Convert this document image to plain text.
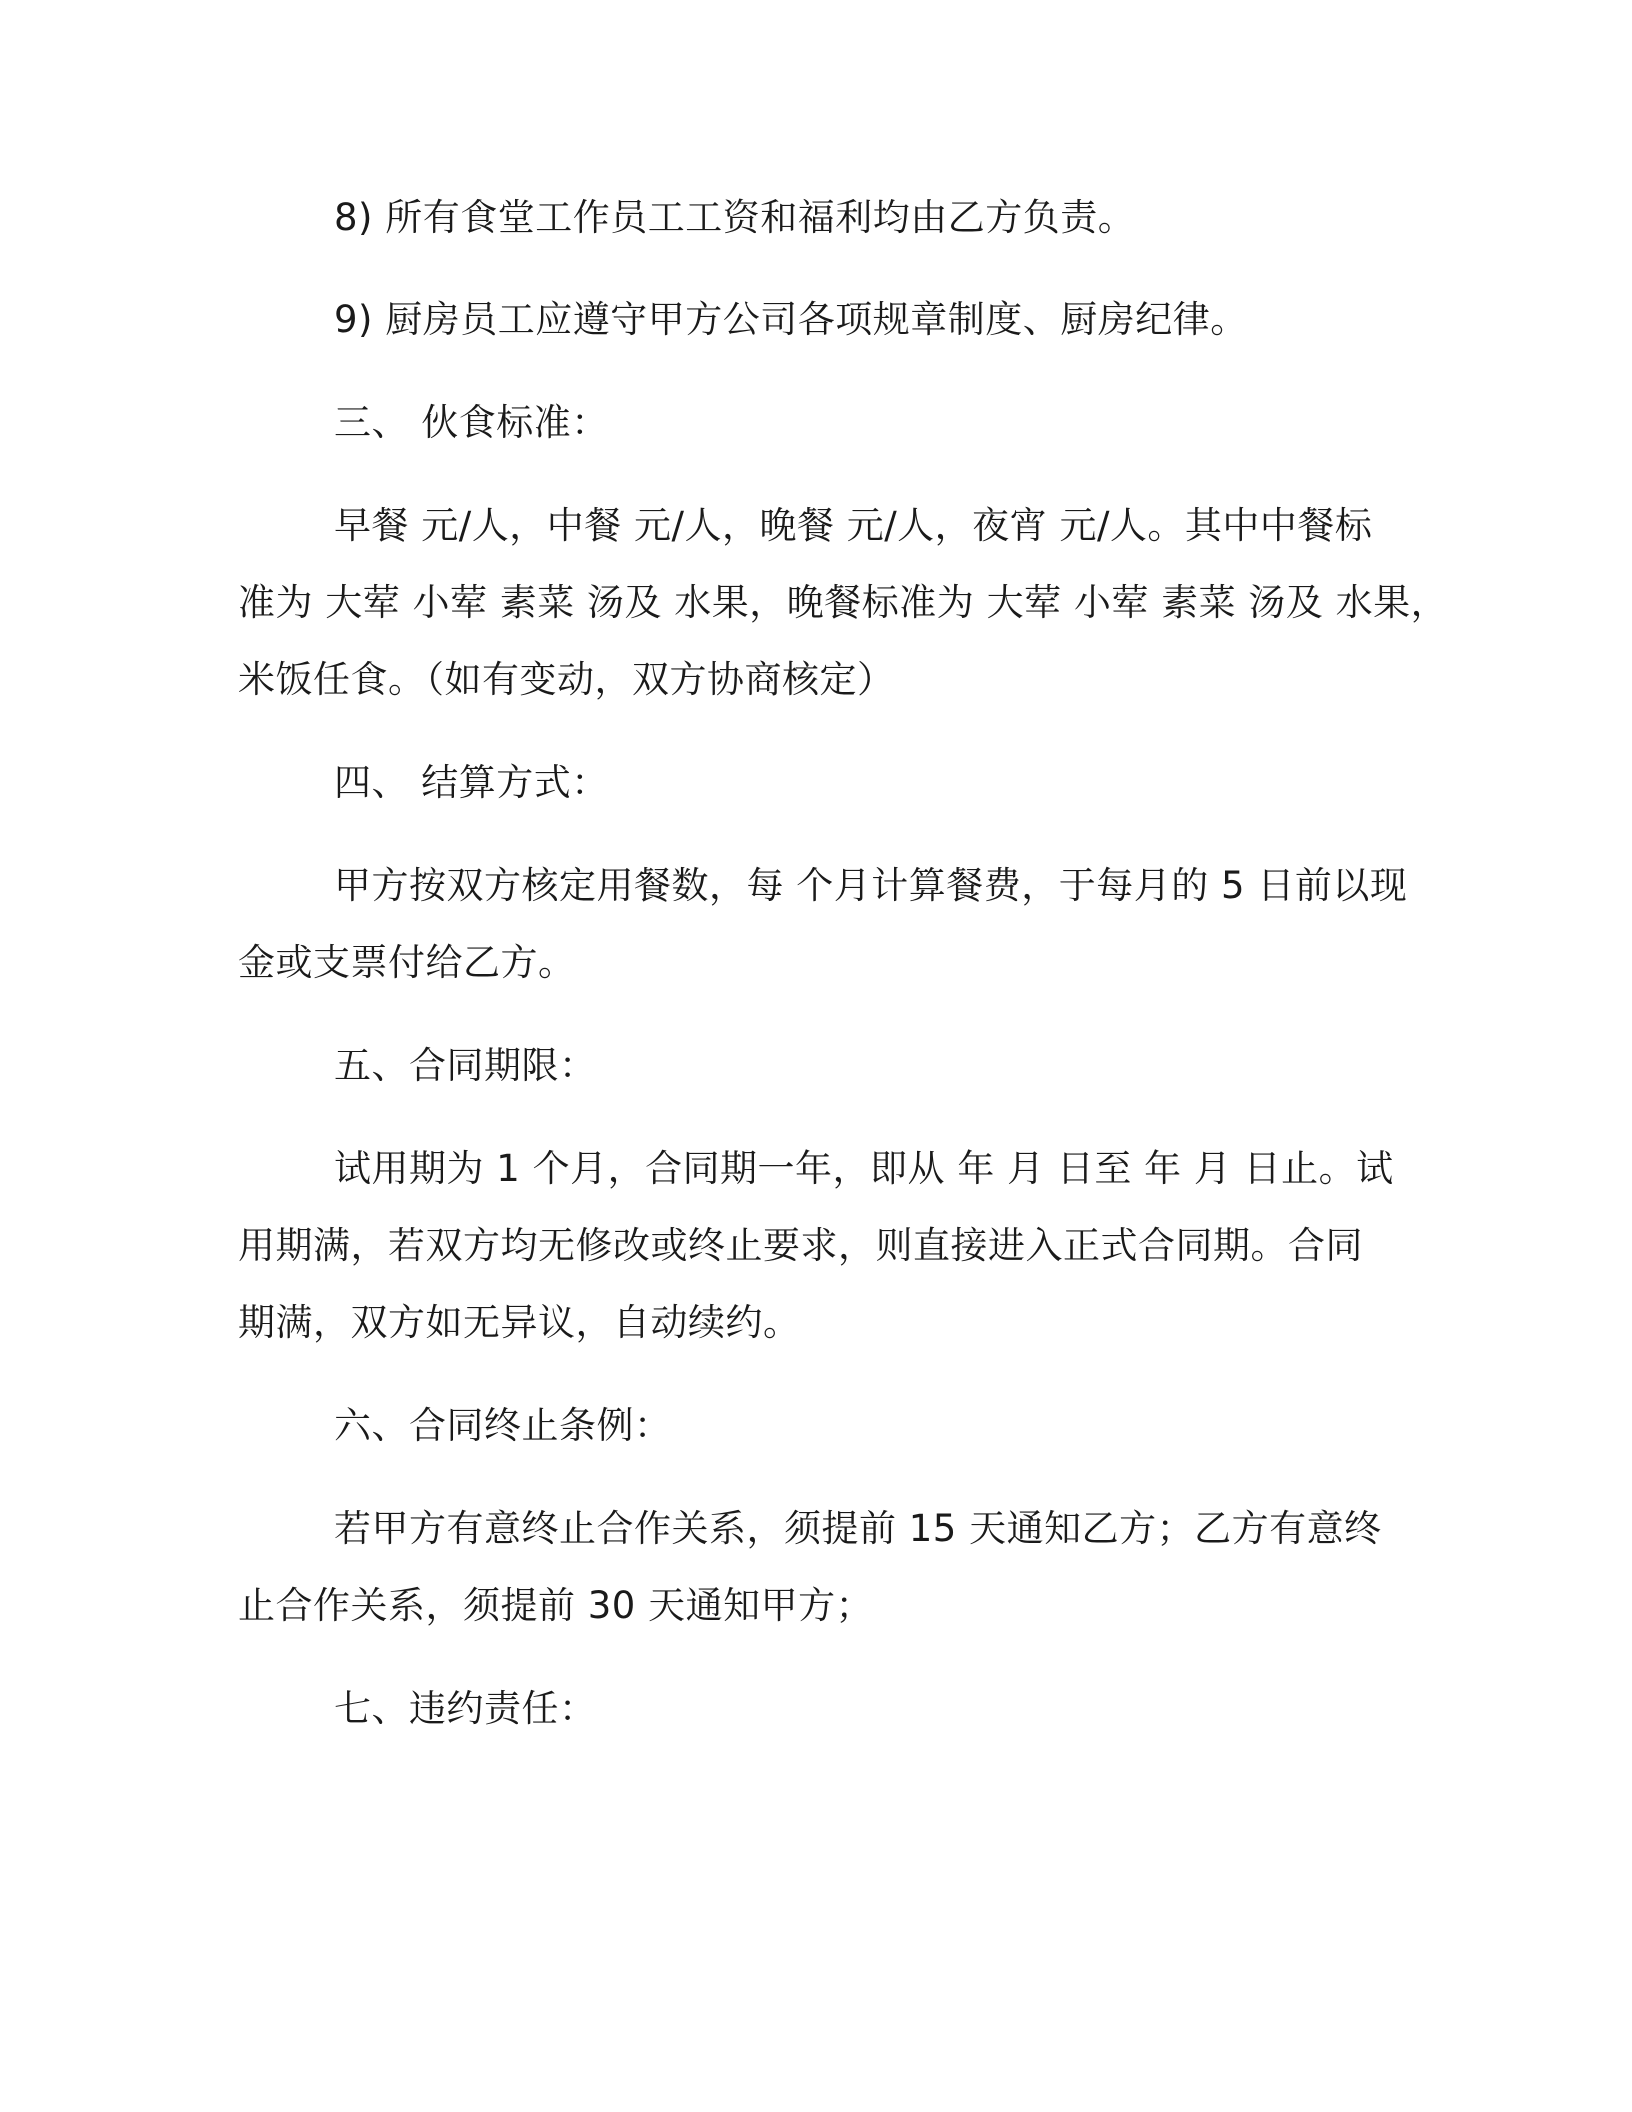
8) 所有食堂工作员工工资和福利均由乙方负责。
9) 厨房员工应遵守甲方公司各项规章制度、厨房纪律。
三、 伙食标准：
早餐 元/人，中餐 元/人，晚餐 元/人，夜宵 元/人。其中中餐标
准为 大荤 小荤 素菜 汤及 水果，晚餐标准为 大荤 小荤 素菜 汤及 水果，
米饭任食。（如有变动，双方协商核定）
四、 结算方式：
甲方按双方核定用餐数，每 个月计算餐费，于每月的 5 日前以现
金或支票付给乙方。
五、合同期限：
试用期为 1 个月，合同期一年，即从 年 月 日至 年 月 日止。试
用期满，若双方均无修改或终止要求，则直接进入正式合同期。合同
期满，双方如无异议，自动续约。
六、合同终止条例：
若甲方有意终止合作关系，须提前 15 天通知乙方；乙方有意终
止合作关系，须提前 30 天通知甲方；
七、违约责任：
